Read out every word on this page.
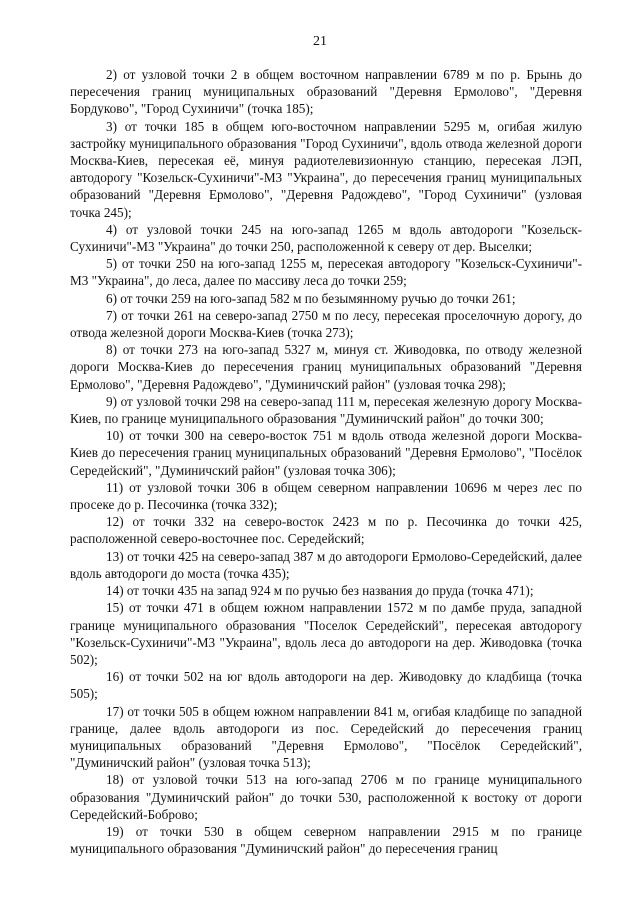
21

2) от узловой точки 2 в общем восточном направлении 6789 м по р. Брынь до пересечения границ муниципальных образований "Деревня Ермолово", "Деревня Бордуково", "Город Сухиничи" (точка 185);

3) от точки 185 в общем юго-восточном направлении 5295 м, огибая жилую застройку муниципального образования "Город Сухиничи", вдоль отвода железной дороги Москва-Киев, пересекая её, минуя радиотелевизионную станцию, пересекая ЛЭП, автодорогу "Козельск-Сухиничи"-М3 "Украина", до пересечения границ муниципальных образований "Деревня Ермолово", "Деревня Радождево", "Город Сухиничи" (узловая точка 245);

4) от узловой точки 245 на юго-запад 1265 м вдоль автодороги "Козельск-Сухиничи"-М3 "Украина" до точки 250, расположенной к северу от дер. Выселки;

5) от точки 250 на юго-запад 1255 м, пересекая автодорогу "Козельск-Сухиничи"-М3 "Украина", до леса, далее по массиву леса до точки 259;

6) от точки 259 на юго-запад 582 м по безымянному ручью до точки 261;

7) от точки 261 на северо-запад 2750 м по лесу, пересекая проселочную дорогу, до отвода железной дороги Москва-Киев (точка 273);

8) от точки 273 на юго-запад 5327 м, минуя ст. Живодовка, по отводу железной дороги Москва-Киев до пересечения границ муниципальных образований "Деревня Ермолово", "Деревня Радождево", "Думиничский район" (узловая точка 298);

9) от узловой точки 298 на северо-запад 111 м, пересекая железную дорогу Москва-Киев, по границе муниципального образования "Думиничский район" до точки 300;

10) от точки 300 на северо-восток 751 м вдоль отвода железной дороги Москва-Киев до пересечения границ муниципальных образований "Деревня Ермолово", "Посёлок Середейский", "Думиничский район" (узловая точка 306);

11) от узловой точки 306 в общем северном направлении 10696 м через лес по просеке до р. Песочинка (точка 332);

12) от точки 332 на северо-восток 2423 м по р. Песочинка до точки 425, расположенной северо-восточнее пос. Середейский;

13) от точки 425 на северо-запад 387 м до автодороги Ермолово-Середейский, далее вдоль автодороги до моста (точка 435);

14) от точки 435 на запад 924 м по ручью без названия до пруда (точка 471);

15) от точки 471 в общем южном направлении 1572 м по дамбе пруда, западной границе муниципального образования "Поселок Середейский", пересекая автодорогу "Козельск-Сухиничи"-М3 "Украина", вдоль леса до автодороги на дер. Живодовка (точка 502);

16) от точки 502 на юг вдоль автодороги на дер. Живодовку до кладбища (точка 505);

17) от точки 505 в общем южном направлении 841 м, огибая кладбище по западной границе, далее вдоль автодороги из пос. Середейский до пересечения границ муниципальных образований "Деревня Ермолово", "Посёлок Середейский", "Думиничский район" (узловая точка 513);

18) от узловой точки 513 на юго-запад 2706 м по границе муниципального образования "Думиничский район" до точки 530, расположенной к востоку от дороги Середейский-Боброво;

19) от точки 530 в общем северном направлении 2915 м по границе муниципального образования "Думиничский район" до пересечения границ
